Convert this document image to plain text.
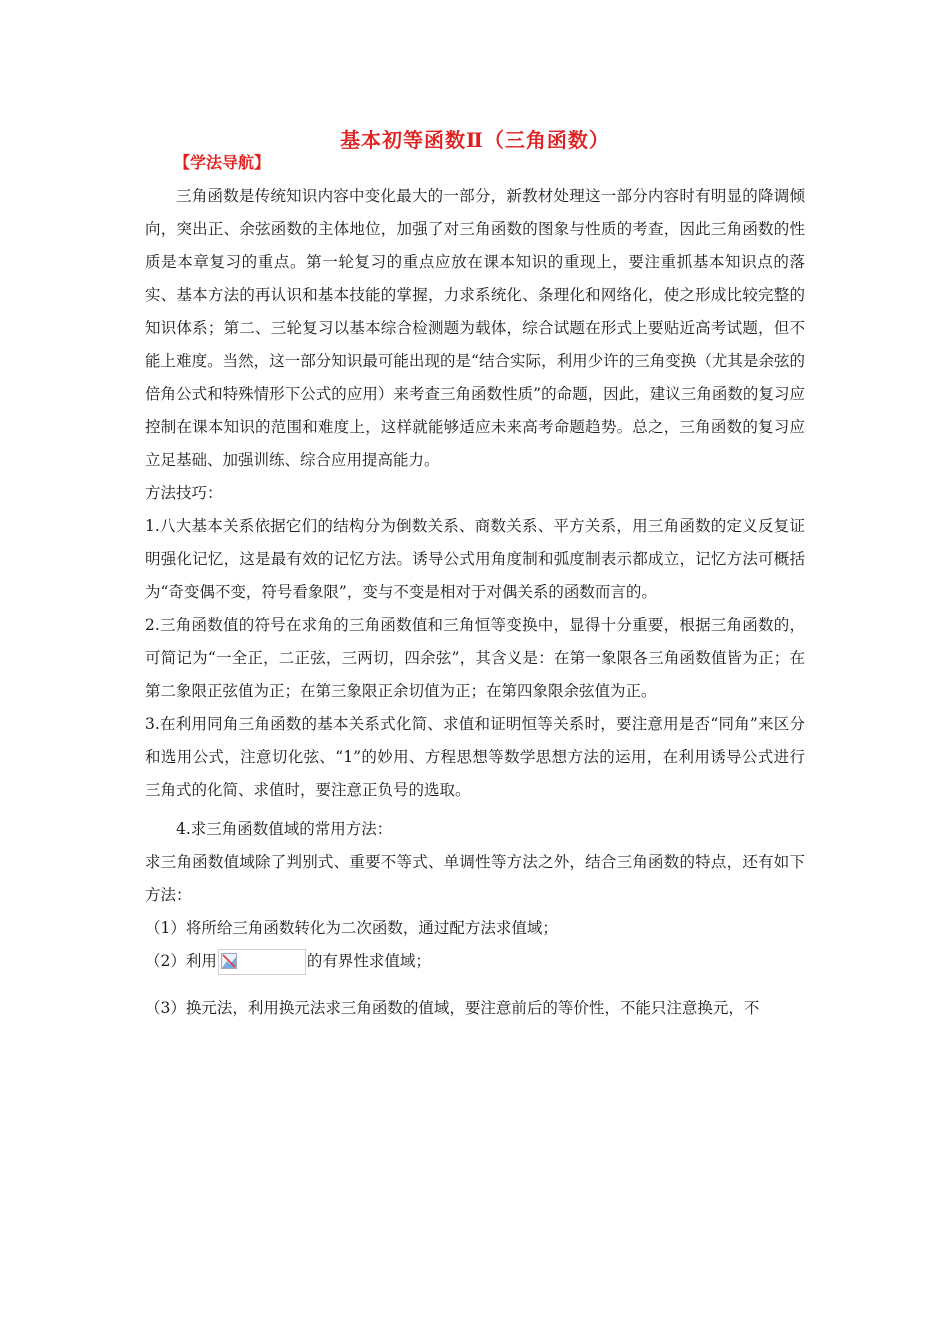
基本初等函数Ⅱ（三角函数）
【学法导航】

三角函数是传统知识内容中变化最大的一部分，新教材处理这一部分内容时有明显的降调倾向，突出正、余弦函数的主体地位，加强了对三角函数的图象与性质的考查，因此三角函数的性质是本章复习的重点。第一轮复习的重点应放在课本知识的重现上，要注重抓基本知识点的落实、基本方法的再认识和基本技能的掌握，力求系统化、条理化和网络化，使之形成比较完整的知识体系；第二、三轮复习以基本综合检测题为载体，综合试题在形式上要贴近高考试题，但不能上难度。当然，这一部分知识最可能出现的是“结合实际，利用少许的三角变换（尤其是余弦的倍角公式和特殊情形下公式的应用）来考查三角函数性质”的命题，因此，建议三角函数的复习应控制在课本知识的范围和难度上，这样就能够适应未来高考命题趋势。总之，三角函数的复习应立足基础、加强训练、综合应用提高能力。

方法技巧：

1.八大基本关系依据它们的结构分为倒数关系、商数关系、平方关系，用三角函数的定义反复证明强化记忆，这是最有效的记忆方法。诱导公式用角度制和弧度制表示都成立，记忆方法可概括为“奇变偶不变，符号看象限”，变与不变是相对于对偶关系的函数而言的。

2.三角函数值的符号在求角的三角函数值和三角恒等变换中，显得十分重要，根据三角函数的，可简记为“一全正，二正弦，三两切，四余弦”，其含义是：在第一象限各三角函数值皆为正；在第二象限正弦值为正；在第三象限正余切值为正；在第四象限余弦值为正。

3.在利用同角三角函数的基本关系式化简、求值和证明恒等关系时，要注意用是否“同角”来区分和选用公式，注意切化弦、“1”的妙用、方程思想等数学思想方法的运用，在利用诱导公式进行三角式的化简、求值时，要注意正负号的选取。

4.求三角函数值域的常用方法：

求三角函数值域除了判别式、重要不等式、单调性等方法之外，结合三角函数的特点，还有如下方法：

（1）将所给三角函数转化为二次函数，通过配方法求值域；

（2）利用	的有界性求值域；

（3）换元法，利用换元法求三角函数的值域，要注意前后的等价性，不能只注意换元，不
